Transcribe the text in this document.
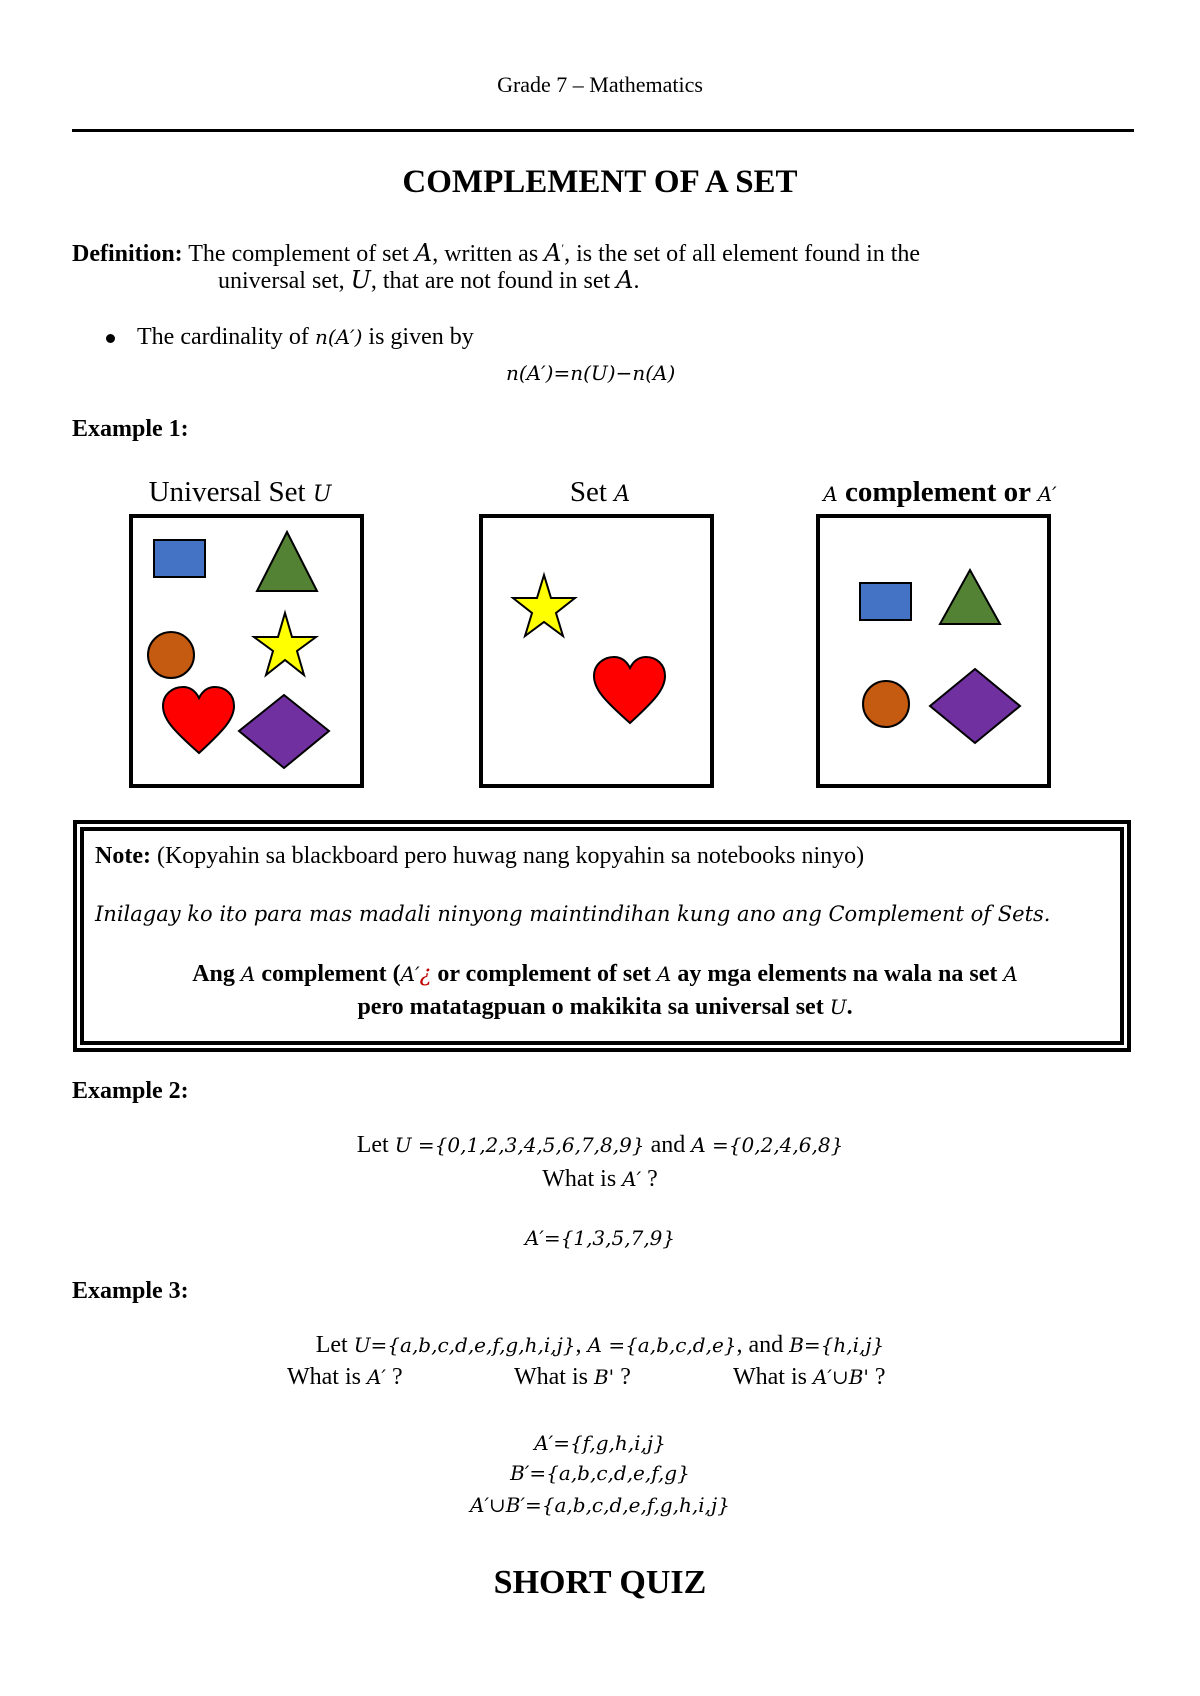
Grade 7 – Mathematics
COMPLEMENT OF A SET
Definition: The complement of set A, written as A′, is the set of all element found in the
universal set, U, that are not found in set A.
The cardinality of n(A′) is given by
n(A′)=n(U)−n(A)
Example 1:
Universal Set U	Set A	A complement or A′
Note: (Kopyahin sa blackboard pero huwag nang kopyahin sa notebooks ninyo)
Inilagay ko ito para mas madali ninyong maintindihan kung ano ang Complement of Sets.
Ang A complement (A′¿ or complement of set A ay mga elements na wala na set A
pero matatagpuan o makikita sa universal set U.
Example 2:
Let U ={0,1,2,3,4,5,6,7,8,9} and A ={0,2,4,6,8}
What is A′ ?
A′={1,3,5,7,9}
Example 3:
Let U={a,b,c,d,e,f,g,h,i,j}, A ={a,b,c,d,e}, and B={h,i,j}
What is A′ ?	What is B' ?	What is A′∪B' ?
A′={f,g,h,i,j}
B′={a,b,c,d,e,f,g}
A′∪B′={a,b,c,d,e,f,g,h,i,j}
SHORT QUIZ
